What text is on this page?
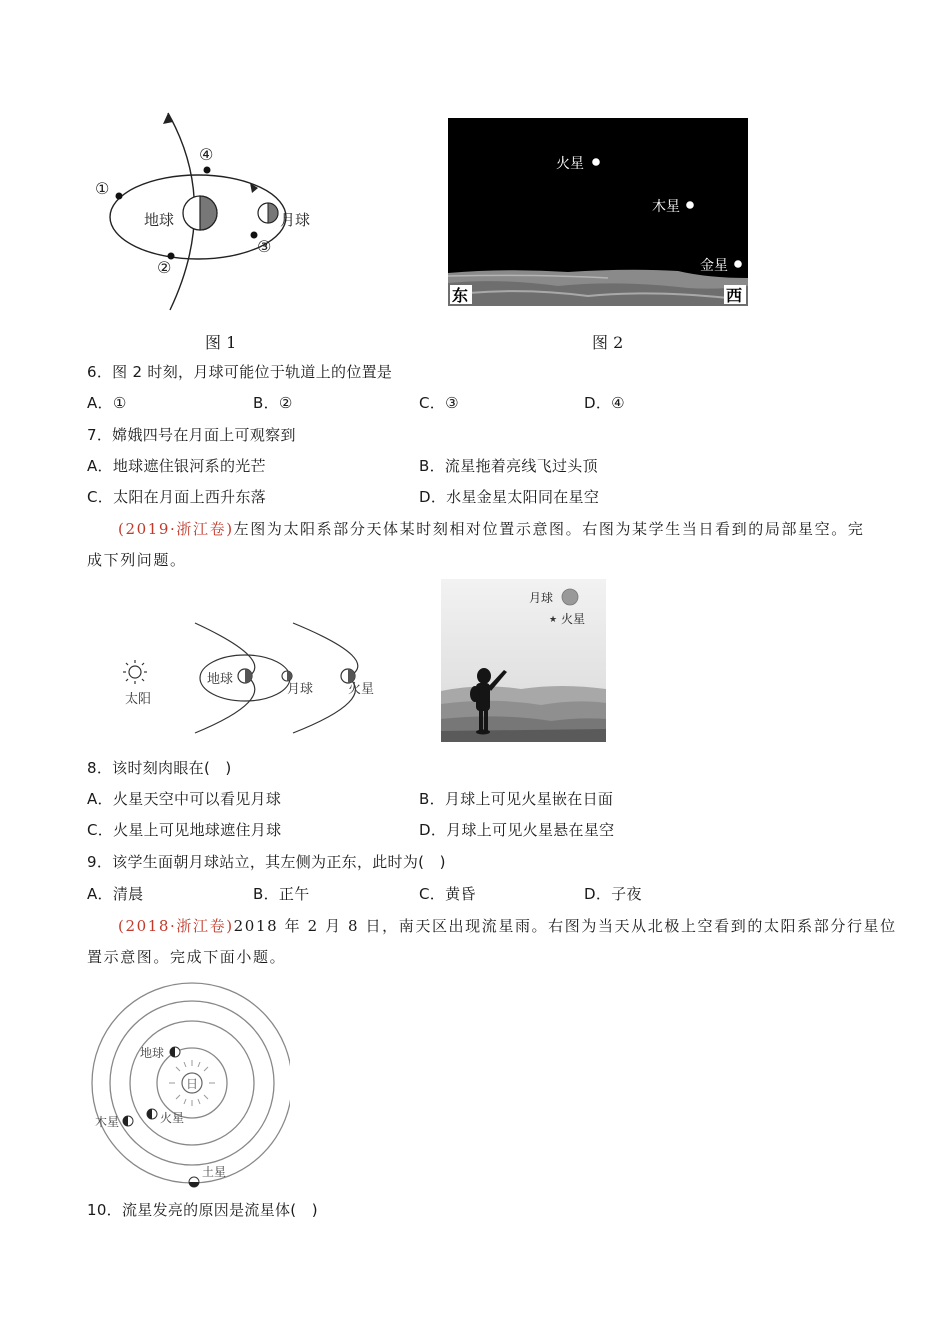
地球	月球
①
②
③
④
图 1
火星
木星
金星
东	西
图 2
6．图 2 时刻，月球可能位于轨道上的位置是
A．①	B．②	C．③	D．④
7．嫦娥四号在月面上可观察到
A．地球遮住银河系的光芒	B．流星拖着亮线飞过头顶
C．太阳在月面上西升东落	D．水星金星太阳同在星空
(2019·浙江卷)左图为太阳系部分天体某时刻相对位置示意图。右图为某学生当日看到的局部星空。完
成下列问题。
太阳
地球
月球	火星
月球
★ 火星
8．该时刻肉眼在(　)
A．火星天空中可以看见月球	B．月球上可见火星嵌在日面
C．火星上可见地球遮住月球	D．月球上可见火星悬在星空
9．该学生面朝月球站立，其左侧为正东，此时为(　)
A．清晨	B．正午	C．黄昏	D．子夜
(2018·浙江卷)2018 年 2 月 8 日，南天区出现流星雨。右图为当天从北极上空看到的太阳系部分行星位
置示意图。完成下面小题。
日
地球
火星
木星
土星
10．流星发亮的原因是流星体(　)
